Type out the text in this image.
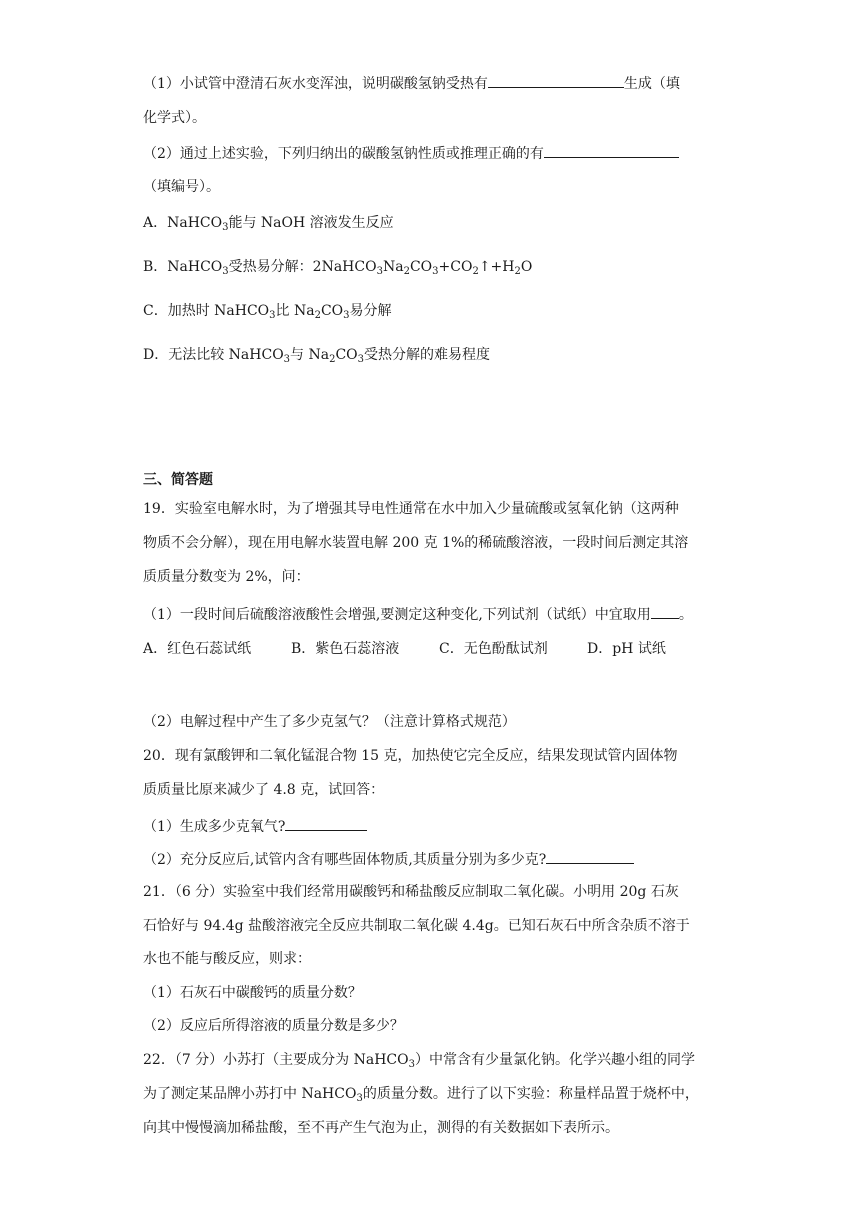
（1）小试管中澄清石灰水变浑浊，说明碳酸氢钠受热有	生成（填
化学式）。
（2）通过上述实验，下列归纳出的碳酸氢钠性质或推理正确的有
（填编号）。
A．NaHCO$_3$能与 NaOH 溶液发生反应
B．NaHCO$_3$受热易分解：$2NaHCO_3Na_2CO_3+CO_2↑+H_2O$
C．加热时 NaHCO$_3$比 $Na_2CO_3$易分解
D．无法比较 NaHCO$_3$与 $Na_2CO_3$受热分解的难易程度
三、简答题
19．实验室电解水时，为了增强其导电性通常在水中加入少量硫酸或氢氧化钠（这两种
物质不会分解），现在用电解水装置电解 200 克 1%的稀硫酸溶液，一段时间后测定其溶
质质量分数变为 2%，问：
（1）一段时间后硫酸溶液酸性会增强,要测定这种变化,下列试剂（试纸）中宜取用 。
A．红色石蕊试纸	B．紫色石蕊溶液	C．无色酚酞试剂	D．pH 试纸
（2）电解过程中产生了多少克氢气？（注意计算格式规范）
20．现有氯酸钾和二氧化锰混合物 15 克，加热使它完全反应，结果发现试管内固体物
质质量比原来减少了 4.8 克，试回答：
（1）生成多少克氧气?
（2）充分反应后,试管内含有哪些固体物质,其质量分别为多少克?
21．（6 分）实验室中我们经常用碳酸钙和稀盐酸反应制取二氧化碳。小明用 20g 石灰
石恰好与 94.4g 盐酸溶液完全反应共制取二氧化碳 4.4g。已知石灰石中所含杂质不溶于
水也不能与酸反应，则求：
（1）石灰石中碳酸钙的质量分数？
（2）反应后所得溶液的质量分数是多少？
22．（7 分）小苏打（主要成分为 NaHCO$_3$）中常含有少量氯化钠。化学兴趣小组的同学
为了测定某品牌小苏打中 NaHCO$_3$的质量分数。进行了以下实验：称量样品置于烧杯中，
向其中慢慢滴加稀盐酸，至不再产生气泡为止，测得的有关数据如下表所示。
